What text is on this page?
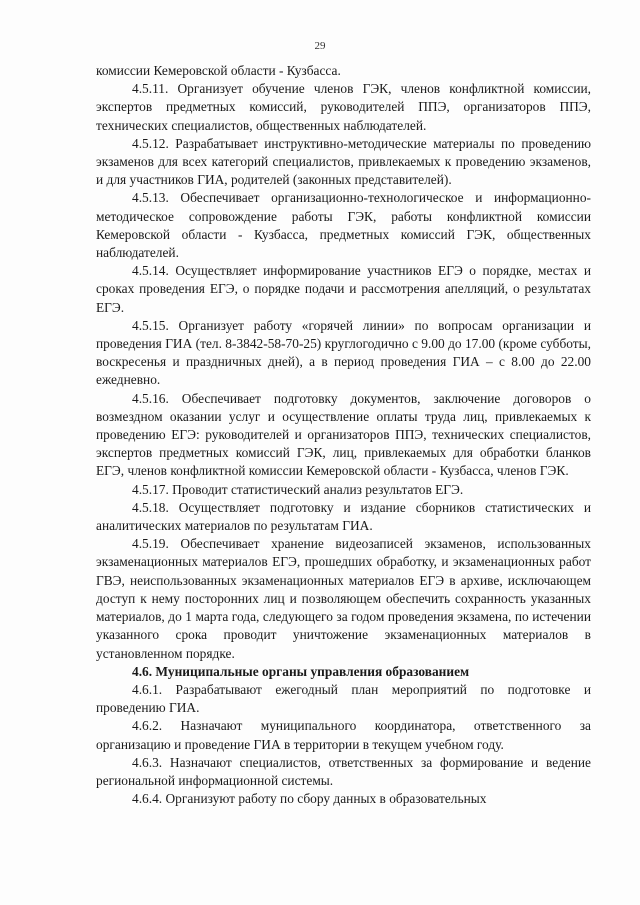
29

комиссии Кемеровской области - Кузбасса.

4.5.11. Организует обучение членов ГЭК, членов конфликтной комиссии, экспертов предметных комиссий, руководителей ППЭ, организаторов ППЭ, технических специалистов, общественных наблюдателей.

4.5.12. Разрабатывает инструктивно-методические материалы по проведению экзаменов для всех категорий специалистов, привлекаемых к проведению экзаменов, и для участников ГИА, родителей (законных представителей).

4.5.13. Обеспечивает организационно-технологическое и информационно-методическое сопровождение работы ГЭК, работы конфликтной комиссии Кемеровской области - Кузбасса, предметных комиссий ГЭК, общественных наблюдателей.

4.5.14. Осуществляет информирование участников ЕГЭ о порядке, местах и сроках проведения ЕГЭ, о порядке подачи и рассмотрения апелляций, о результатах ЕГЭ.

4.5.15. Организует работу «горячей линии» по вопросам организации и проведения ГИА (тел. 8-3842-58-70-25) круглогодично с 9.00 до 17.00 (кроме субботы, воскресенья и праздничных дней), а в период проведения ГИА – с 8.00 до 22.00 ежедневно.

4.5.16. Обеспечивает подготовку документов, заключение договоров о возмездном оказании услуг и осуществление оплаты труда лиц, привлекаемых к проведению ЕГЭ: руководителей и организаторов ППЭ, технических специалистов, экспертов предметных комиссий ГЭК, лиц, привлекаемых для обработки бланков ЕГЭ, членов конфликтной комиссии Кемеровской области - Кузбасса, членов ГЭК.

4.5.17. Проводит статистический анализ результатов ЕГЭ.

4.5.18. Осуществляет подготовку и издание сборников статистических и аналитических материалов по результатам ГИА.

4.5.19. Обеспечивает хранение видеозаписей экзаменов, использованных экзаменационных материалов ЕГЭ, прошедших обработку, и экзаменационных работ ГВЭ, неиспользованных экзаменационных материалов ЕГЭ в архиве, исключающем доступ к нему посторонних лиц и позволяющем обеспечить сохранность указанных материалов, до 1 марта года, следующего за годом проведения экзамена, по истечении указанного срока проводит уничтожение экзаменационных материалов в установленном порядке.

4.6. Муниципальные органы управления образованием

4.6.1. Разрабатывают ежегодный план мероприятий по подготовке и проведению ГИА.

4.6.2. Назначают муниципального координатора, ответственного за организацию и проведение ГИА в территории в текущем учебном году.

4.6.3. Назначают специалистов, ответственных за формирование и ведение региональной информационной системы.

4.6.4. Организуют работу по сбору данных в образовательных
